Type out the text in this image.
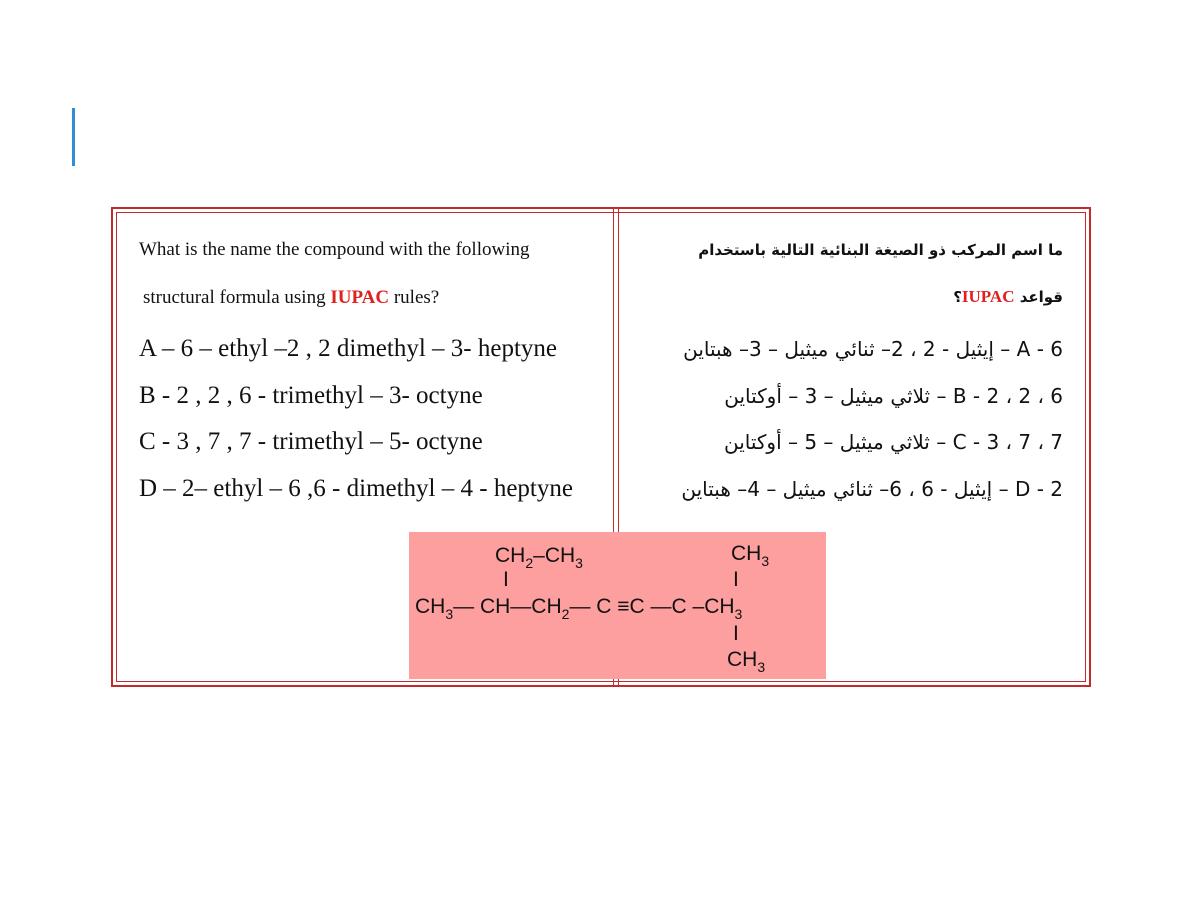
What is the name the compound with the following
structural formula using IUPAC rules?
A – 6 – ethyl –2 , 2 dimethyl – 3- heptyne
B - 2 , 2 , 6 - trimethyl – 3- octyne
C - 3 , 7 , 7 - trimethyl – 5- octyne
D – 2– ethyl – 6 ,6 - dimethyl – 4 - heptyne
ما اسم المركب ذو الصيغة البنائية التالية باستخدام
قواعد IUPAC؟
A - 6 – إيثيل - 2 ، 2– ثنائي ميثيل – 3– هبتاين
B - 2 ، 2 ، 6 – ثلاثي ميثيل – 3 – أوكتاين
C - 3 ، 7 ، 7 – ثلاثي ميثيل – 5 – أوكتاين
D - 2 – إيثيل - 6 ، 6– ثنائي ميثيل – 4– هبتاين
$CH_2-CH_3$	$CH_3$
I	I
$CH_3—$ $CH—CH_2—$ C ≡C —C $-CH_3$
I
$CH_3$
